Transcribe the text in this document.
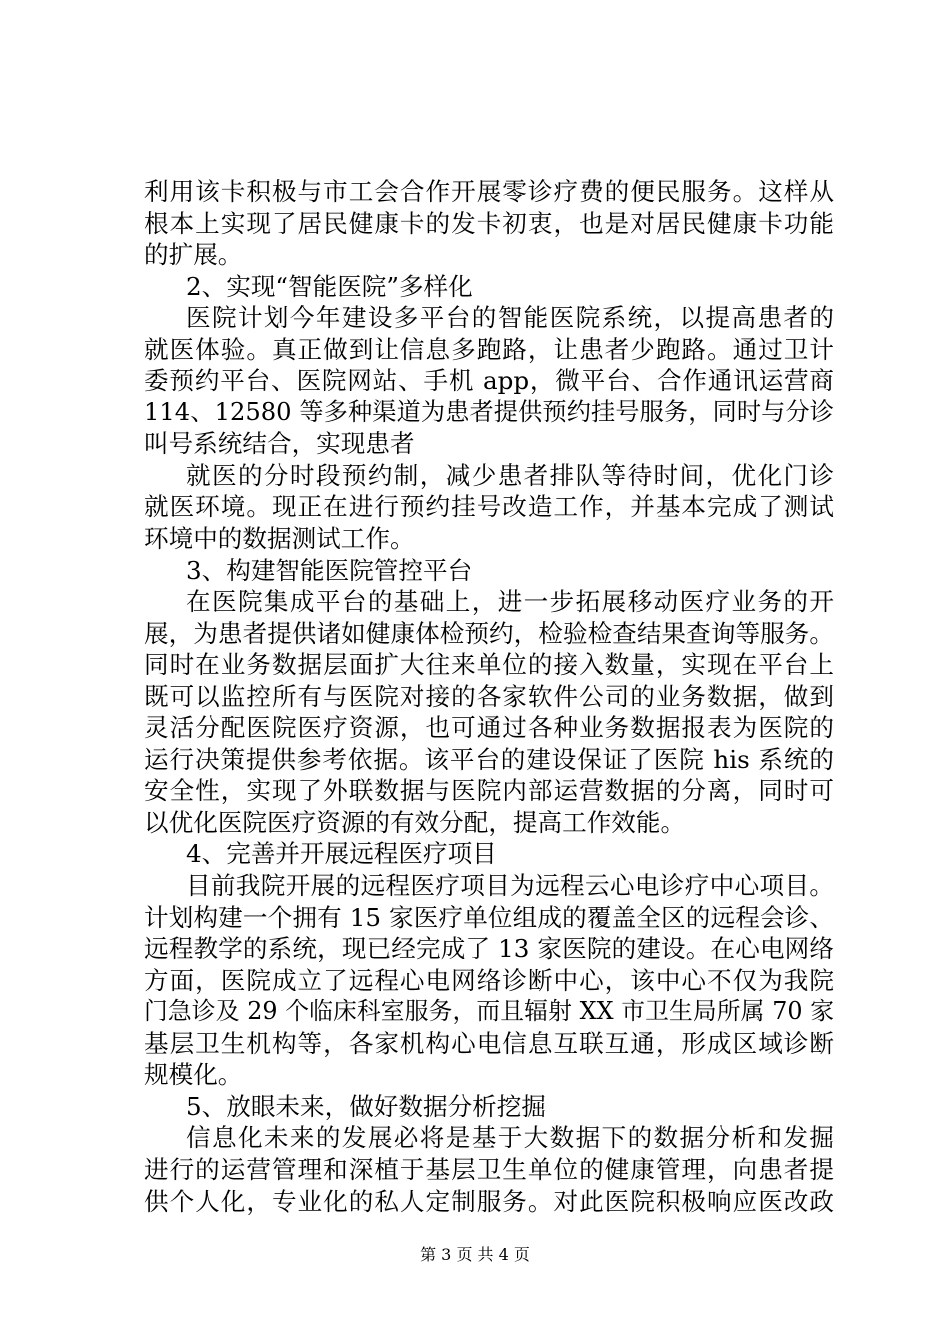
利用该卡积极与市工会合作开展零诊疗费的便民服务。这样从
根本上实现了居民健康卡的发卡初衷，也是对居民健康卡功能
的扩展。
2、实现“智能医院”多样化
医院计划今年建设多平台的智能医院系统，以提高患者的
就医体验。真正做到让信息多跑路，让患者少跑路。通过卫计
委预约平台、医院网站、手机 app，微平台、合作通讯运营商
114、12580 等多种渠道为患者提供预约挂号服务，同时与分诊
叫号系统结合，实现患者
就医的分时段预约制，减少患者排队等待时间，优化门诊
就医环境。现正在进行预约挂号改造工作，并基本完成了测试
环境中的数据测试工作。
3、构建智能医院管控平台
在医院集成平台的基础上，进一步拓展移动医疗业务的开
展，为患者提供诸如健康体检预约，检验检查结果查询等服务。
同时在业务数据层面扩大往来单位的接入数量，实现在平台上
既可以监控所有与医院对接的各家软件公司的业务数据，做到
灵活分配医院医疗资源，也可通过各种业务数据报表为医院的
运行决策提供参考依据。该平台的建设保证了医院 his 系统的
安全性，实现了外联数据与医院内部运营数据的分离，同时可
以优化医院医疗资源的有效分配，提高工作效能。
4、完善并开展远程医疗项目
目前我院开展的远程医疗项目为远程云心电诊疗中心项目。
计划构建一个拥有 15 家医疗单位组成的覆盖全区的远程会诊、
远程教学的系统，现已经完成了 13 家医院的建设。在心电网络
方面，医院成立了远程心电网络诊断中心，该中心不仅为我院
门急诊及 29 个临床科室服务，而且辐射 XX 市卫生局所属 70 家
基层卫生机构等，各家机构心电信息互联互通，形成区域诊断
规模化。
5、放眼未来，做好数据分析挖掘
信息化未来的发展必将是基于大数据下的数据分析和发掘
进行的运营管理和深植于基层卫生单位的健康管理，向患者提
供个人化，专业化的私人定制服务。对此医院积极响应医改政
第 3 页 共 4 页
